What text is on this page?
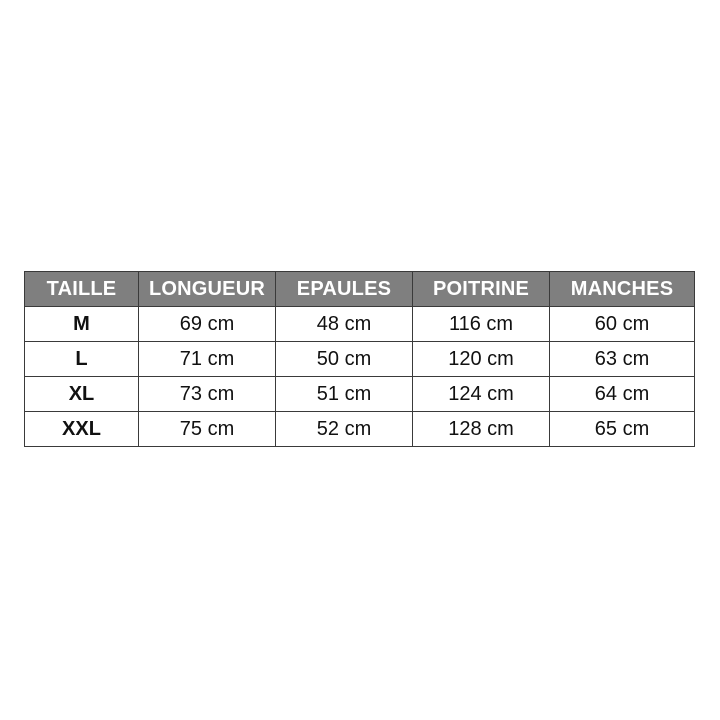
TAILLE	LONGUEUR	EPAULES	POITRINE	MANCHES
M	69 cm	48 cm	116 cm	60 cm
L	71 cm	50 cm	120 cm	63 cm
XL	73 cm	51 cm	124 cm	64 cm
XXL	75 cm	52 cm	128 cm	65 cm
